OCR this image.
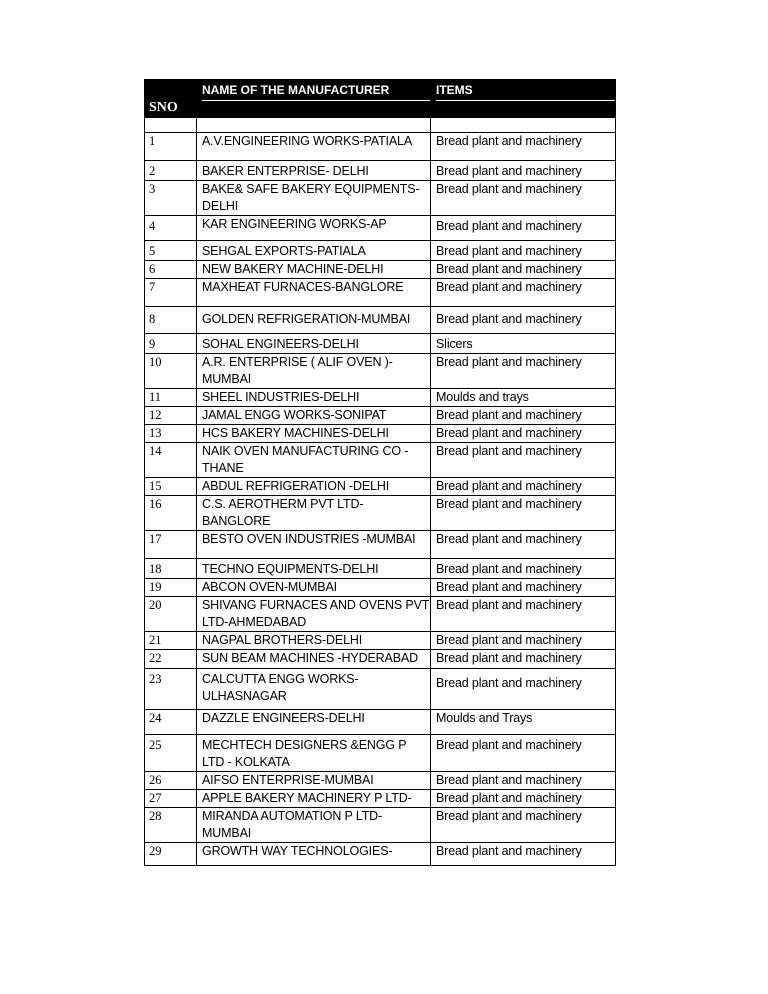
SNO	NAME OF THE MANUFACTURER	ITEMS

1	A.V.ENGINEERING WORKS-PATIALA	Bread plant and machinery
2	BAKER ENTERPRISE- DELHI	Bread plant and machinery
3	BAKE& SAFE BAKERY EQUIPMENTS-DELHI	Bread plant and machinery
4	KAR ENGINEERING WORKS-AP	Bread plant and machinery
5	SEHGAL EXPORTS-PATIALA	Bread plant and machinery
6	NEW BAKERY MACHINE-DELHI	Bread plant and machinery
7	MAXHEAT FURNACES-BANGLORE	Bread plant and machinery
8	GOLDEN REFRIGERATION-MUMBAI	Bread plant and machinery
9	SOHAL ENGINEERS-DELHI	Slicers
10	A.R. ENTERPRISE ( ALIF OVEN )-MUMBAI	Bread plant and machinery
11	SHEEL INDUSTRIES-DELHI	Moulds and trays
12	JAMAL ENGG WORKS-SONIPAT	Bread plant and machinery
13	HCS BAKERY MACHINES-DELHI	Bread plant and machinery
14	NAIK OVEN MANUFACTURING CO - THANE	Bread plant and machinery
15	ABDUL REFRIGERATION -DELHI	Bread plant and machinery
16	C.S. AEROTHERM PVT LTD-BANGLORE	Bread plant and machinery
17	BESTO OVEN INDUSTRIES -MUMBAI	Bread plant and machinery
18	TECHNO EQUIPMENTS-DELHI	Bread plant and machinery
19	ABCON OVEN-MUMBAI	Bread plant and machinery
20	SHIVANG FURNACES AND OVENS PVT LTD-AHMEDABAD	Bread plant and machinery
21	NAGPAL BROTHERS-DELHI	Bread plant and machinery
22	SUN BEAM MACHINES -HYDERABAD	Bread plant and machinery
23	CALCUTTA ENGG WORKS-ULHASNAGAR	Bread plant and machinery
24	DAZZLE ENGINEERS-DELHI	Moulds and Trays
25	MECHTECH DESIGNERS &ENGG P LTD - KOLKATA	Bread plant and machinery
26	AIFSO ENTERPRISE-MUMBAI	Bread plant and machinery
27	APPLE BAKERY MACHINERY P LTD-	Bread plant and machinery
28	MIRANDA AUTOMATION P LTD-MUMBAI	Bread plant and machinery
29	GROWTH WAY TECHNOLOGIES-	Bread plant and machinery
